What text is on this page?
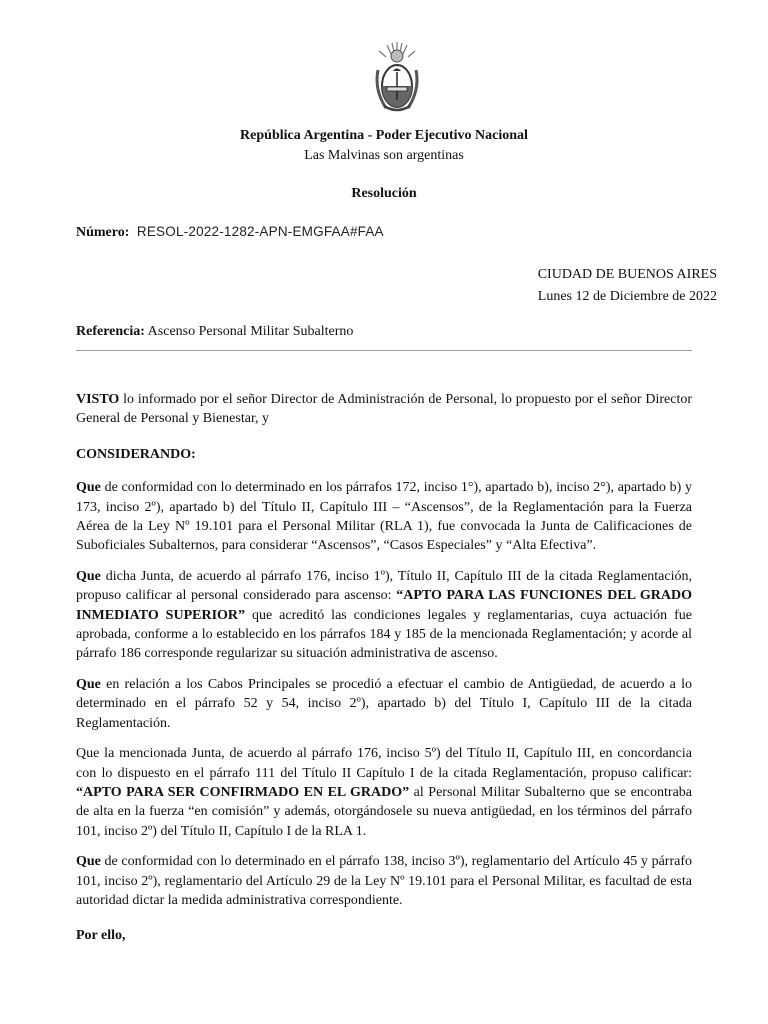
República Argentina - Poder Ejecutivo Nacional
Las Malvinas son argentinas
Resolución
Número: RESOL-2022-1282-APN-EMGFAA#FAA
CIUDAD DE BUENOS AIRES
Lunes 12 de Diciembre de 2022
Referencia: Ascenso Personal Militar Subalterno

VISTO lo informado por el señor Director de Administración de Personal, lo propuesto por el señor Director General de Personal y Bienestar, y

CONSIDERANDO:

Que de conformidad con lo determinado en los párrafos 172, inciso 1°), apartado b), inciso 2°), apartado b) y 173, inciso 2º), apartado b) del Título II, Capítulo III – “Ascensos”, de la Reglamentación para la Fuerza Aérea de la Ley Nº 19.101 para el Personal Militar (RLA 1), fue convocada la Junta de Calificaciones de Suboficiales Subalternos, para considerar “Ascensos”, “Casos Especiales” y “Alta Efectiva”.

Que dicha Junta, de acuerdo al párrafo 176, inciso 1º), Título II, Capítulo III de la citada Reglamentación, propuso calificar al personal considerado para ascenso: “APTO PARA LAS FUNCIONES DEL GRADO INMEDIATO SUPERIOR” que acreditó las condiciones legales y reglamentarias, cuya actuación fue aprobada, conforme a lo establecido en los párrafos 184 y 185 de la mencionada Reglamentación; y acorde al párrafo 186 corresponde regularizar su situación administrativa de ascenso.

Que en relación a los Cabos Principales se procedió a efectuar el cambio de Antigüedad, de acuerdo a lo determinado en el párrafo 52 y 54, inciso 2º), apartado b) del Título I, Capítulo III de la citada Reglamentación.

Que la mencionada Junta, de acuerdo al párrafo 176, inciso 5º) del Título II, Capítulo III, en concordancia con lo dispuesto en el párrafo 111 del Título II Capítulo I de la citada Reglamentación, propuso calificar: “APTO PARA SER CONFIRMADO EN EL GRADO” al Personal Militar Subalterno que se encontraba de alta en la fuerza “en comisión” y además, otorgándosele su nueva antigüedad, en los términos del párrafo 101, inciso 2º) del Título II, Capítulo I de la RLA 1.

Que de conformidad con lo determinado en el párrafo 138, inciso 3º), reglamentario del Artículo 45 y párrafo 101, inciso 2º), reglamentario del Artículo 29 de la Ley Nº 19.101 para el Personal Militar, es facultad de esta autoridad dictar la medida administrativa correspondiente.

Por ello,
